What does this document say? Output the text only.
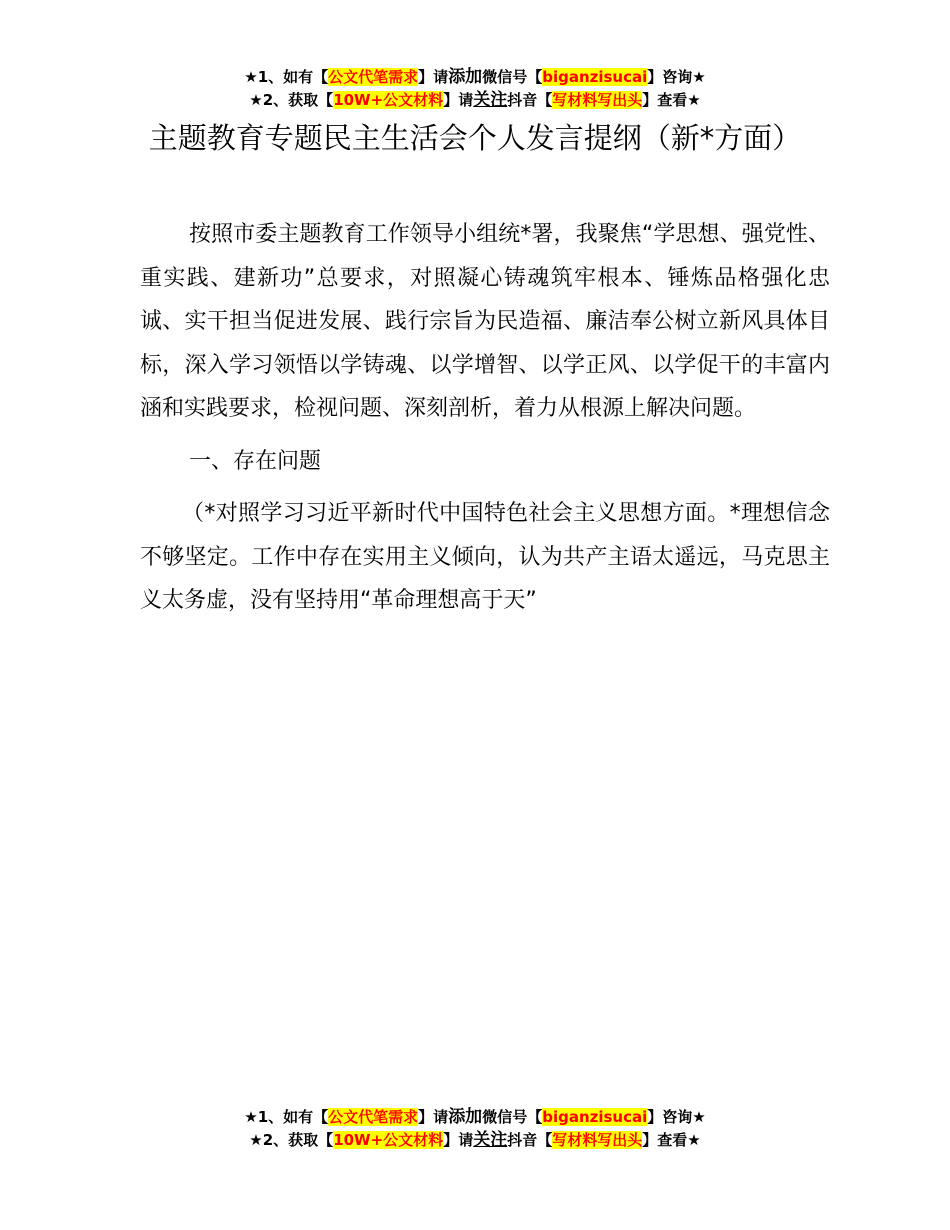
★1、如有【公文代笔需求】请添加微信号【biganzisucai】咨询★
★2、获取【10W+公文材料】请关注抖音【写材料写出头】查看★
主题教育专题民主生活会个人发言提纲（新*方面）

按照市委主题教育工作领导小组统*署，我聚焦“学思想、强党性、重实践、建新功”总要求，对照凝心铸魂筑牢根本、锤炼品格强化忠诚、实干担当促进发展、践行宗旨为民造福、廉洁奉公树立新风具体目标，深入学习领悟以学铸魂、以学增智、以学正风、以学促干的丰富内涵和实践要求，检视问题、深刻剖析，着力从根源上解决问题。

一、存在问题

（*对照学习习近平新时代中国特色社会主义思想方面。*理想信念不够坚定。工作中存在实用主义倾向，认为共产主语太遥远，马克思主义太务虚，没有坚持用“革命理想高于天”

★1、如有【公文代笔需求】请添加微信号【biganzisucai】咨询★
★2、获取【10W+公文材料】请关注抖音【写材料写出头】查看★
